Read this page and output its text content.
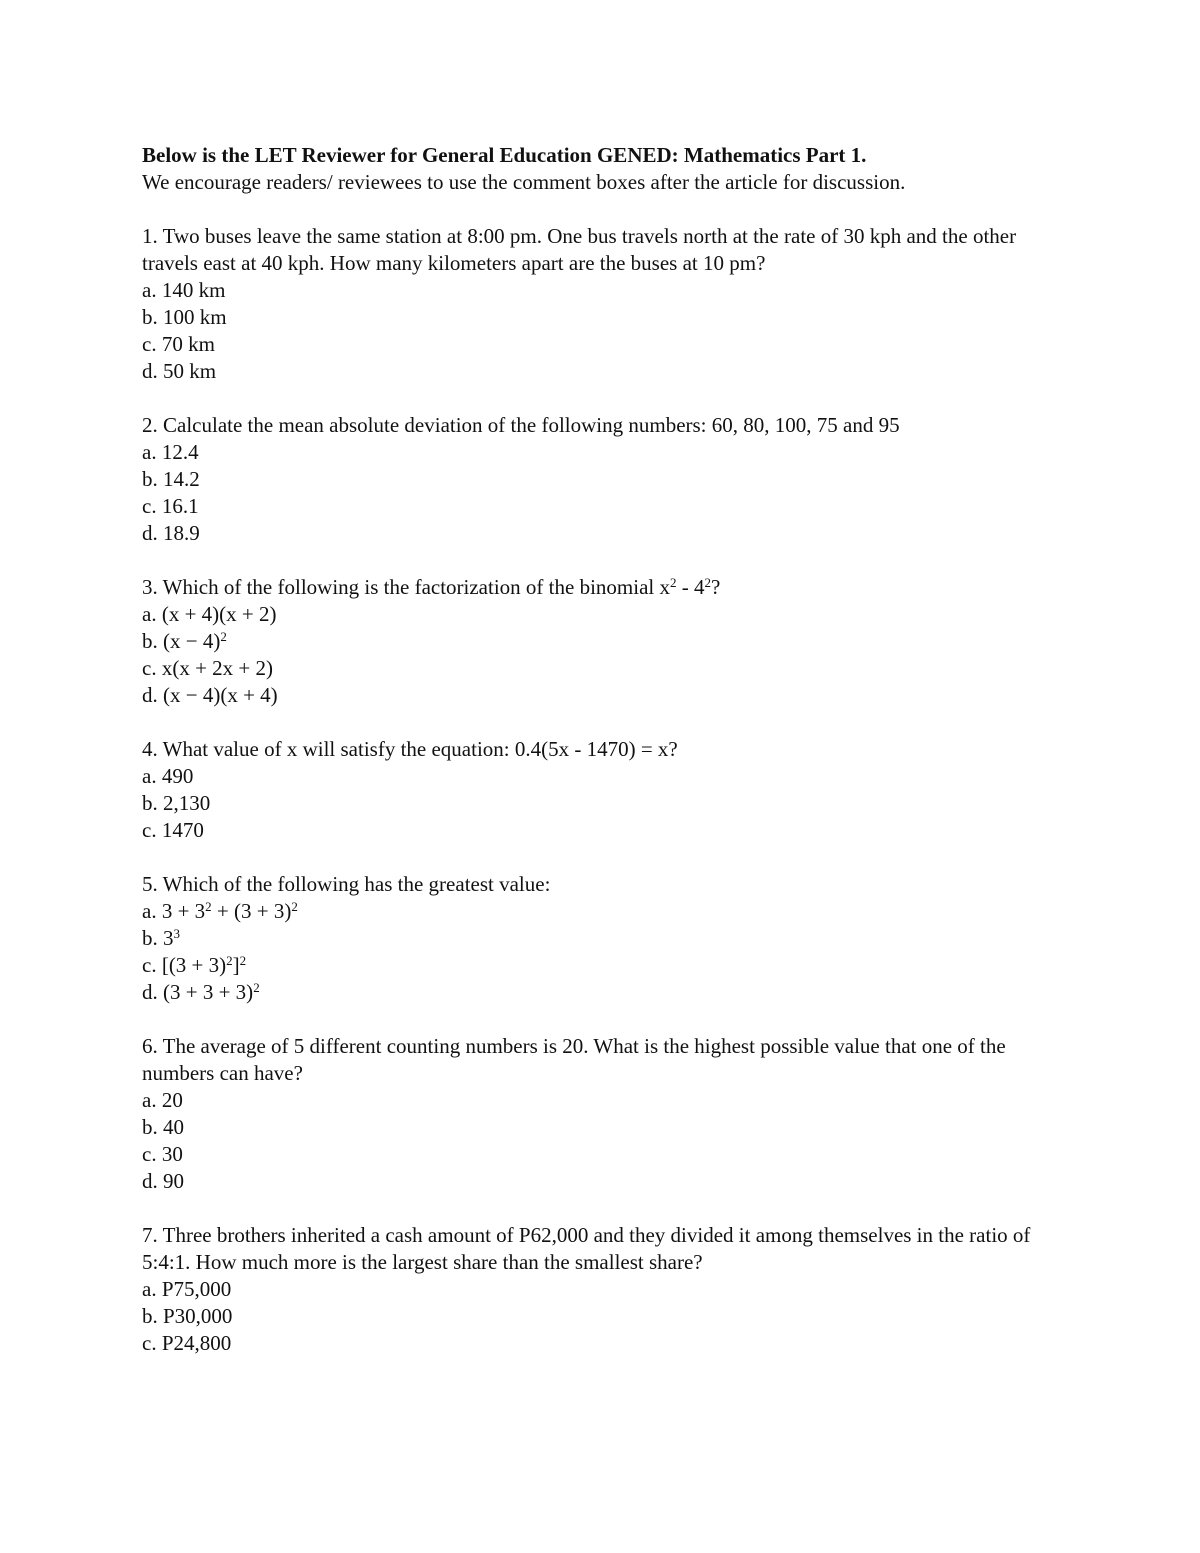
Below is the LET Reviewer for General Education GENED: Mathematics Part 1.

We encourage readers/ reviewees to use the comment boxes after the article for discussion.

1. Two buses leave the same station at 8:00 pm. One bus travels north at the rate of 30 kph and the other travels east at 40 kph. How many kilometers apart are the buses at 10 pm?

a. 140 km

b. 100 km

c. 70 km

d. 50 km

2. Calculate the mean absolute deviation of the following numbers: 60, 80, 100, 75 and 95

a. 12.4

b. 14.2

c. 16.1

d. 18.9

3. Which of the following is the factorization of the binomial $x^2 - 4^2$?

a. (x + 4)(x + 2)

b. $(x - 4)^2$

c. x(x + 2x + 2)

d. (x − 4)(x + 4)

4. What value of x will satisfy the equation: 0.4(5x - 1470) = x?

a. 490

b. 2,130

c. 1470

5. Which of the following has the greatest value:

a. $3 + 3^2 + (3 + 3)^2$

b. $3^3$

c. $[(3 + 3)^2]^2$

d. $(3 + 3 + 3)^2$

6. The average of 5 different counting numbers is 20. What is the highest possible value that one of the numbers can have?

a. 20

b. 40

c. 30

d. 90

7. Three brothers inherited a cash amount of P62,000 and they divided it among themselves in the ratio of 5:4:1. How much more is the largest share than the smallest share?

a. P75,000

b. P30,000

c. P24,800
